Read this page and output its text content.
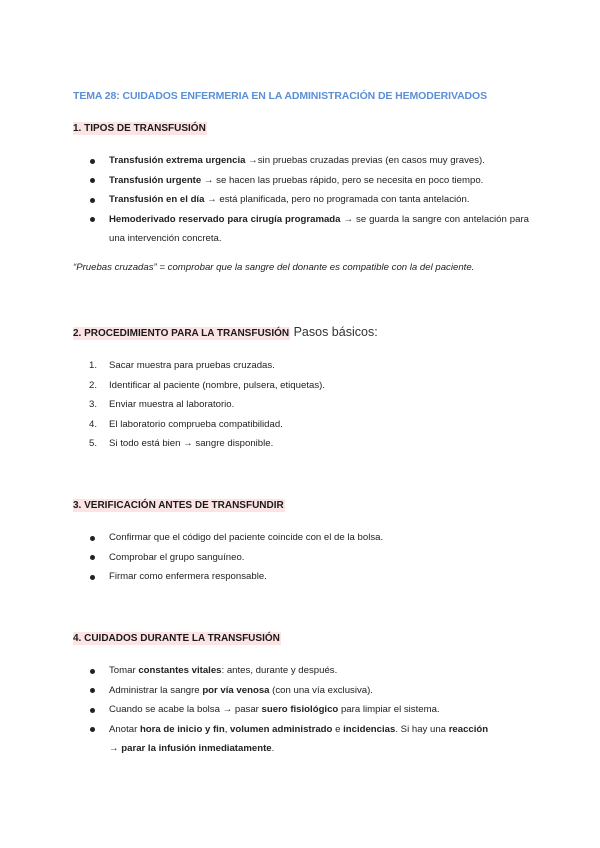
TEMA 28: CUIDADOS ENFERMERIA EN LA ADMINISTRACIÓN DE HEMODERIVADOS
1. TIPOS DE TRANSFUSIÓN
Transfusión extrema urgencia →sin pruebas cruzadas previas (en casos muy graves).
Transfusión urgente → se hacen las pruebas rápido, pero se necesita en poco tiempo.
Transfusión en el día → está planificada, pero no programada con tanta antelación.
Hemoderivado reservado para cirugía programada → se guarda la sangre con antelación para una intervención concreta.
“Pruebas cruzadas” = comprobar que la sangre del donante es compatible con la del paciente.
2. PROCEDIMIENTO PARA LA TRANSFUSIÓN Pasos básicos:
1. Sacar muestra para pruebas cruzadas.
2. Identificar al paciente (nombre, pulsera, etiquetas).
3. Enviar muestra al laboratorio.
4. El laboratorio comprueba compatibilidad.
5. Si todo está bien → sangre disponible.
3. VERIFICACIÓN ANTES DE TRANSFUNDIR
Confirmar que el código del paciente coincide con el de la bolsa.
Comprobar el grupo sanguíneo.
Firmar como enfermera responsable.
4. CUIDADOS DURANTE LA TRANSFUSIÓN
Tomar constantes vitales: antes, durante y después.
Administrar la sangre por vía venosa (con una vía exclusiva).
Cuando se acabe la bolsa → pasar suero fisiológico para limpiar el sistema.
Anotar hora de inicio y fin, volumen administrado e incidencias. Si hay una reacción
→ parar la infusión inmediatamente.
